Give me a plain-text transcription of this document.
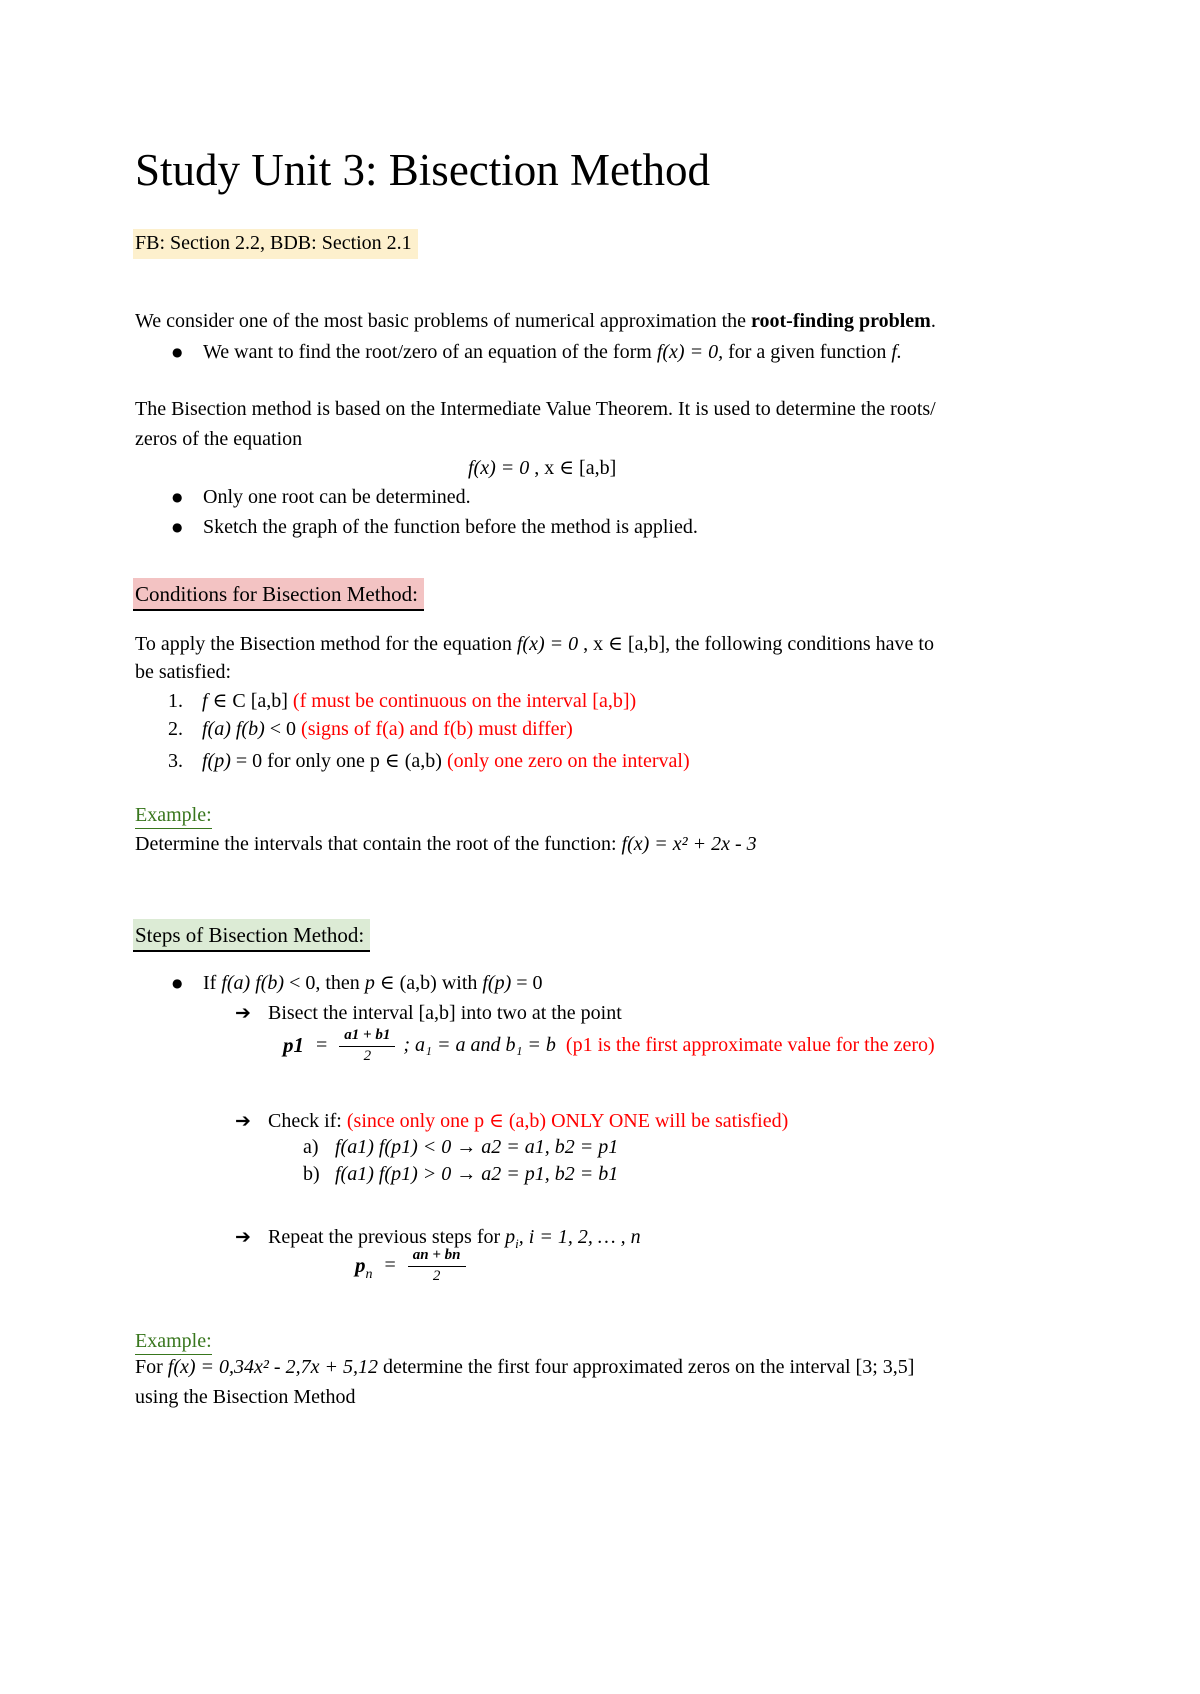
Study Unit 3: Bisection Method
FB: Section 2.2, BDB: Section 2.1
We consider one of the most basic problems of numerical approximation the root-finding problem.
● We want to find the root/zero of an equation of the form f(x) = 0, for a given function f.
The Bisection method is based on the Intermediate Value Theorem. It is used to determine the roots/
zeros of the equation
f(x) = 0 , x ∈ [a,b]
● Only one root can be determined.
● Sketch the graph of the function before the method is applied.
Conditions for Bisection Method:
To apply the Bisection method for the equation f(x) = 0 , x ∈ [a,b], the following conditions have to
be satisfied:
1. f ∈ C [a,b] (f must be continuous on the interval [a,b])
2. f(a) f(b) < 0 (signs of f(a) and f(b) must differ)
3. f(p) = 0 for only one p ∈ (a,b) (only one zero on the interval)
Example:
Determine the intervals that contain the root of the function: f(x) = x² + 2x - 3
Steps of Bisection Method:
● If f(a) f(b) < 0, then p ∈ (a,b) with f(p) = 0
➔ Bisect the interval [a,b] into two at the point
$p1 = \frac{a1 + b1}{2}$ ; a₁ = a and b₁ = b (p1 is the first approximate value for the zero)
➔ Check if: (since only one p ∈ (a,b) ONLY ONE will be satisfied)
a) f(a1) f(p1) < 0 → a2 = a1, b2 = p1
b) f(a1) f(p1) > 0 → a2 = p1, b2 = b1
➔ Repeat the previous steps for $p_i$, i = 1, 2, … , n
p $n = \frac{an + bn}{2}$
Example:
For f(x) = 0,34x² - 2,7x + 5,12 determine the first four approximated zeros on the interval [3; 3,5]
using the Bisection Method
